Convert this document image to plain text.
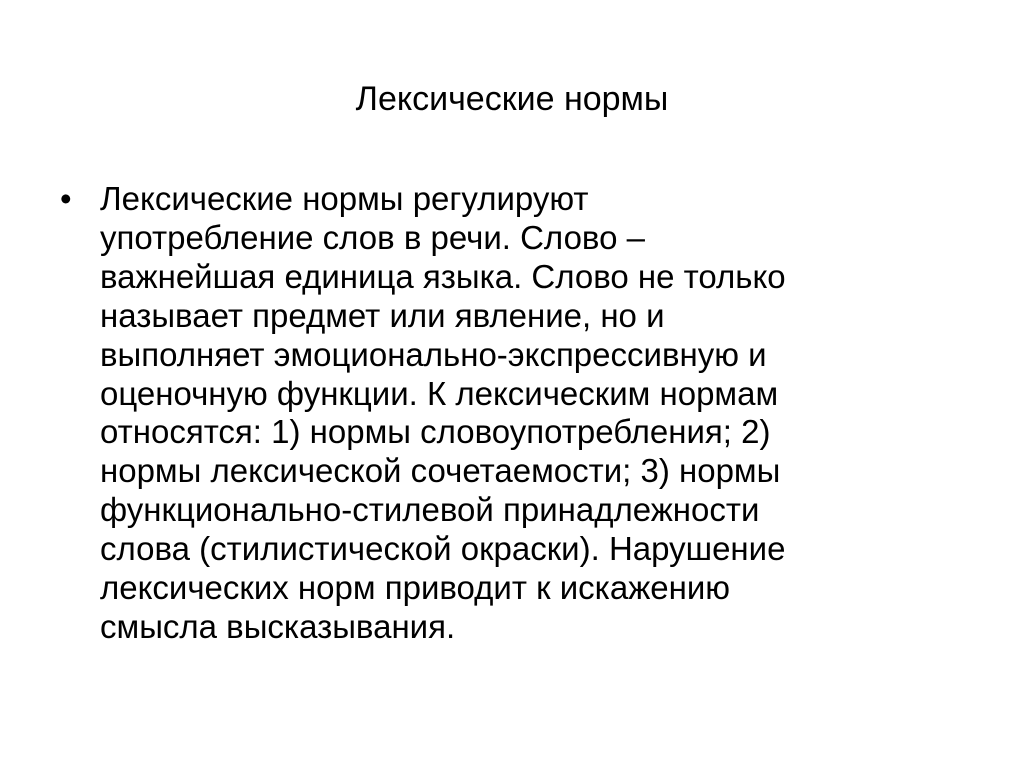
Лексические нормы
• Лексические нормы регулируют
употребление слов в речи. Слово –
важнейшая единица языка. Слово не только
называет предмет или явление, но и
выполняет эмоционально-экспрессивную и
оценочную функции. К лексическим нормам
относятся: 1) нормы словоупотребления; 2)
нормы лексической сочетаемости; 3) нормы
функционально-стилевой принадлежности
слова (стилистической окраски). Нарушение
лексических норм приводит к искажению
смысла высказывания.
